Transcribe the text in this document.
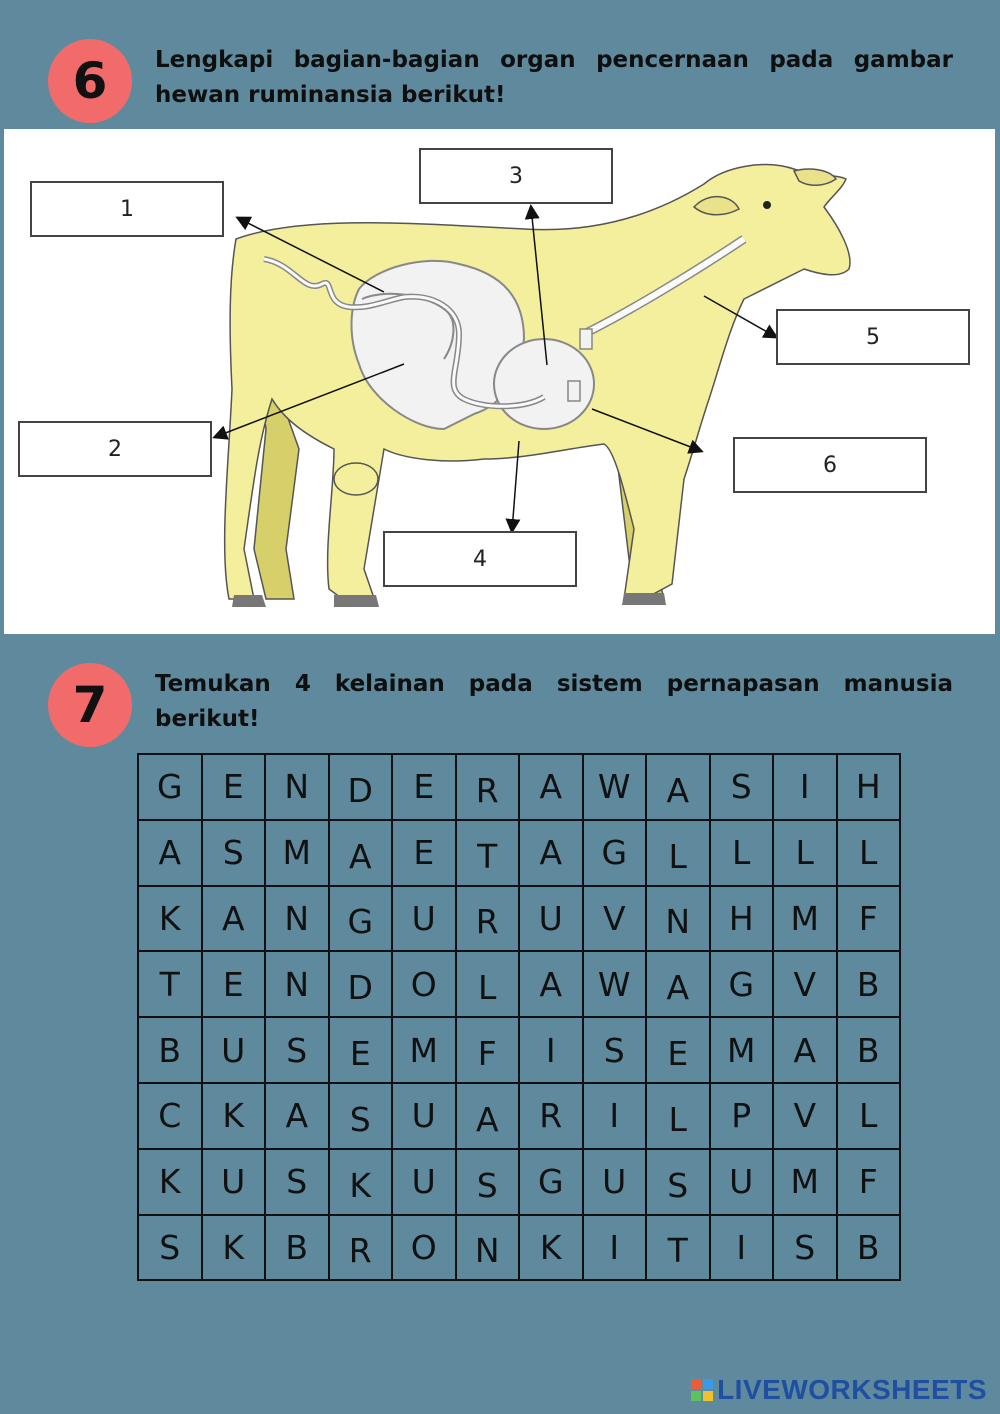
6 Lengkapi bagian-bagian organ pencernaan pada gambar hewan ruminansia berikut!
1
2
3
4
5
6
7 Temukan 4 kelainan pada sistem pernapasan manusia berikut!
G	E	N	D	E	R	A	W	A	S	I	H
A	S	M	A	E	T	A	G	L	L	L	L
K	A	N	G	U	R	U	V	N	H	M	F
T	E	N	D	O	L	A	W	A	G	V	B
B	U	S	E	M	F	I	S	E	M	A	B
C	K	A	S	U	A	R	I	L	P	V	L
K	U	S	K	U	S	G	U	S	U	M	F
S	K	B	R	O	N	K	I	T	I	S	B
LIVEWORKSHEETS
